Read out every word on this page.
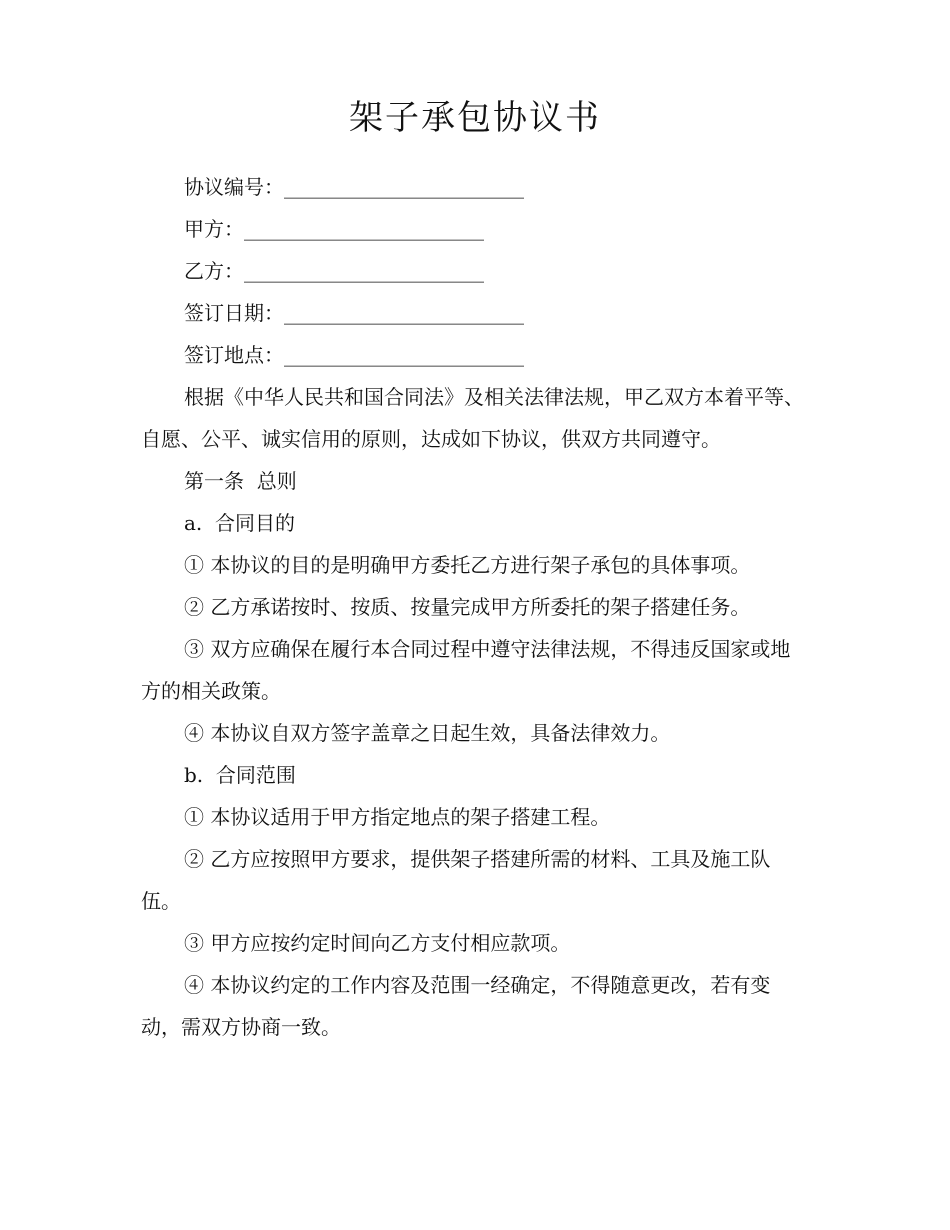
架子承包协议书
协议编号：________________________
甲方：________________________
乙方：________________________
签订日期：________________________
签订地点：________________________

根据《中华人民共和国合同法》及相关法律法规，甲乙双方本着平等、自愿、公平、诚实信用的原则，达成如下协议，供双方共同遵守。

第一条  总则
a.  合同目的

① 本协议的目的是明确甲方委托乙方进行架子承包的具体事项。

② 乙方承诺按时、按质、按量完成甲方所委托的架子搭建任务。

③ 双方应确保在履行本合同过程中遵守法律法规，不得违反国家或地方的相关政策。

④ 本协议自双方签字盖章之日起生效，具备法律效力。

b.  合同范围

① 本协议适用于甲方指定地点的架子搭建工程。

② 乙方应按照甲方要求，提供架子搭建所需的材料、工具及施工队伍。

③ 甲方应按约定时间向乙方支付相应款项。

④ 本协议约定的工作内容及范围一经确定，不得随意更改，若有变动，需双方协商一致。
